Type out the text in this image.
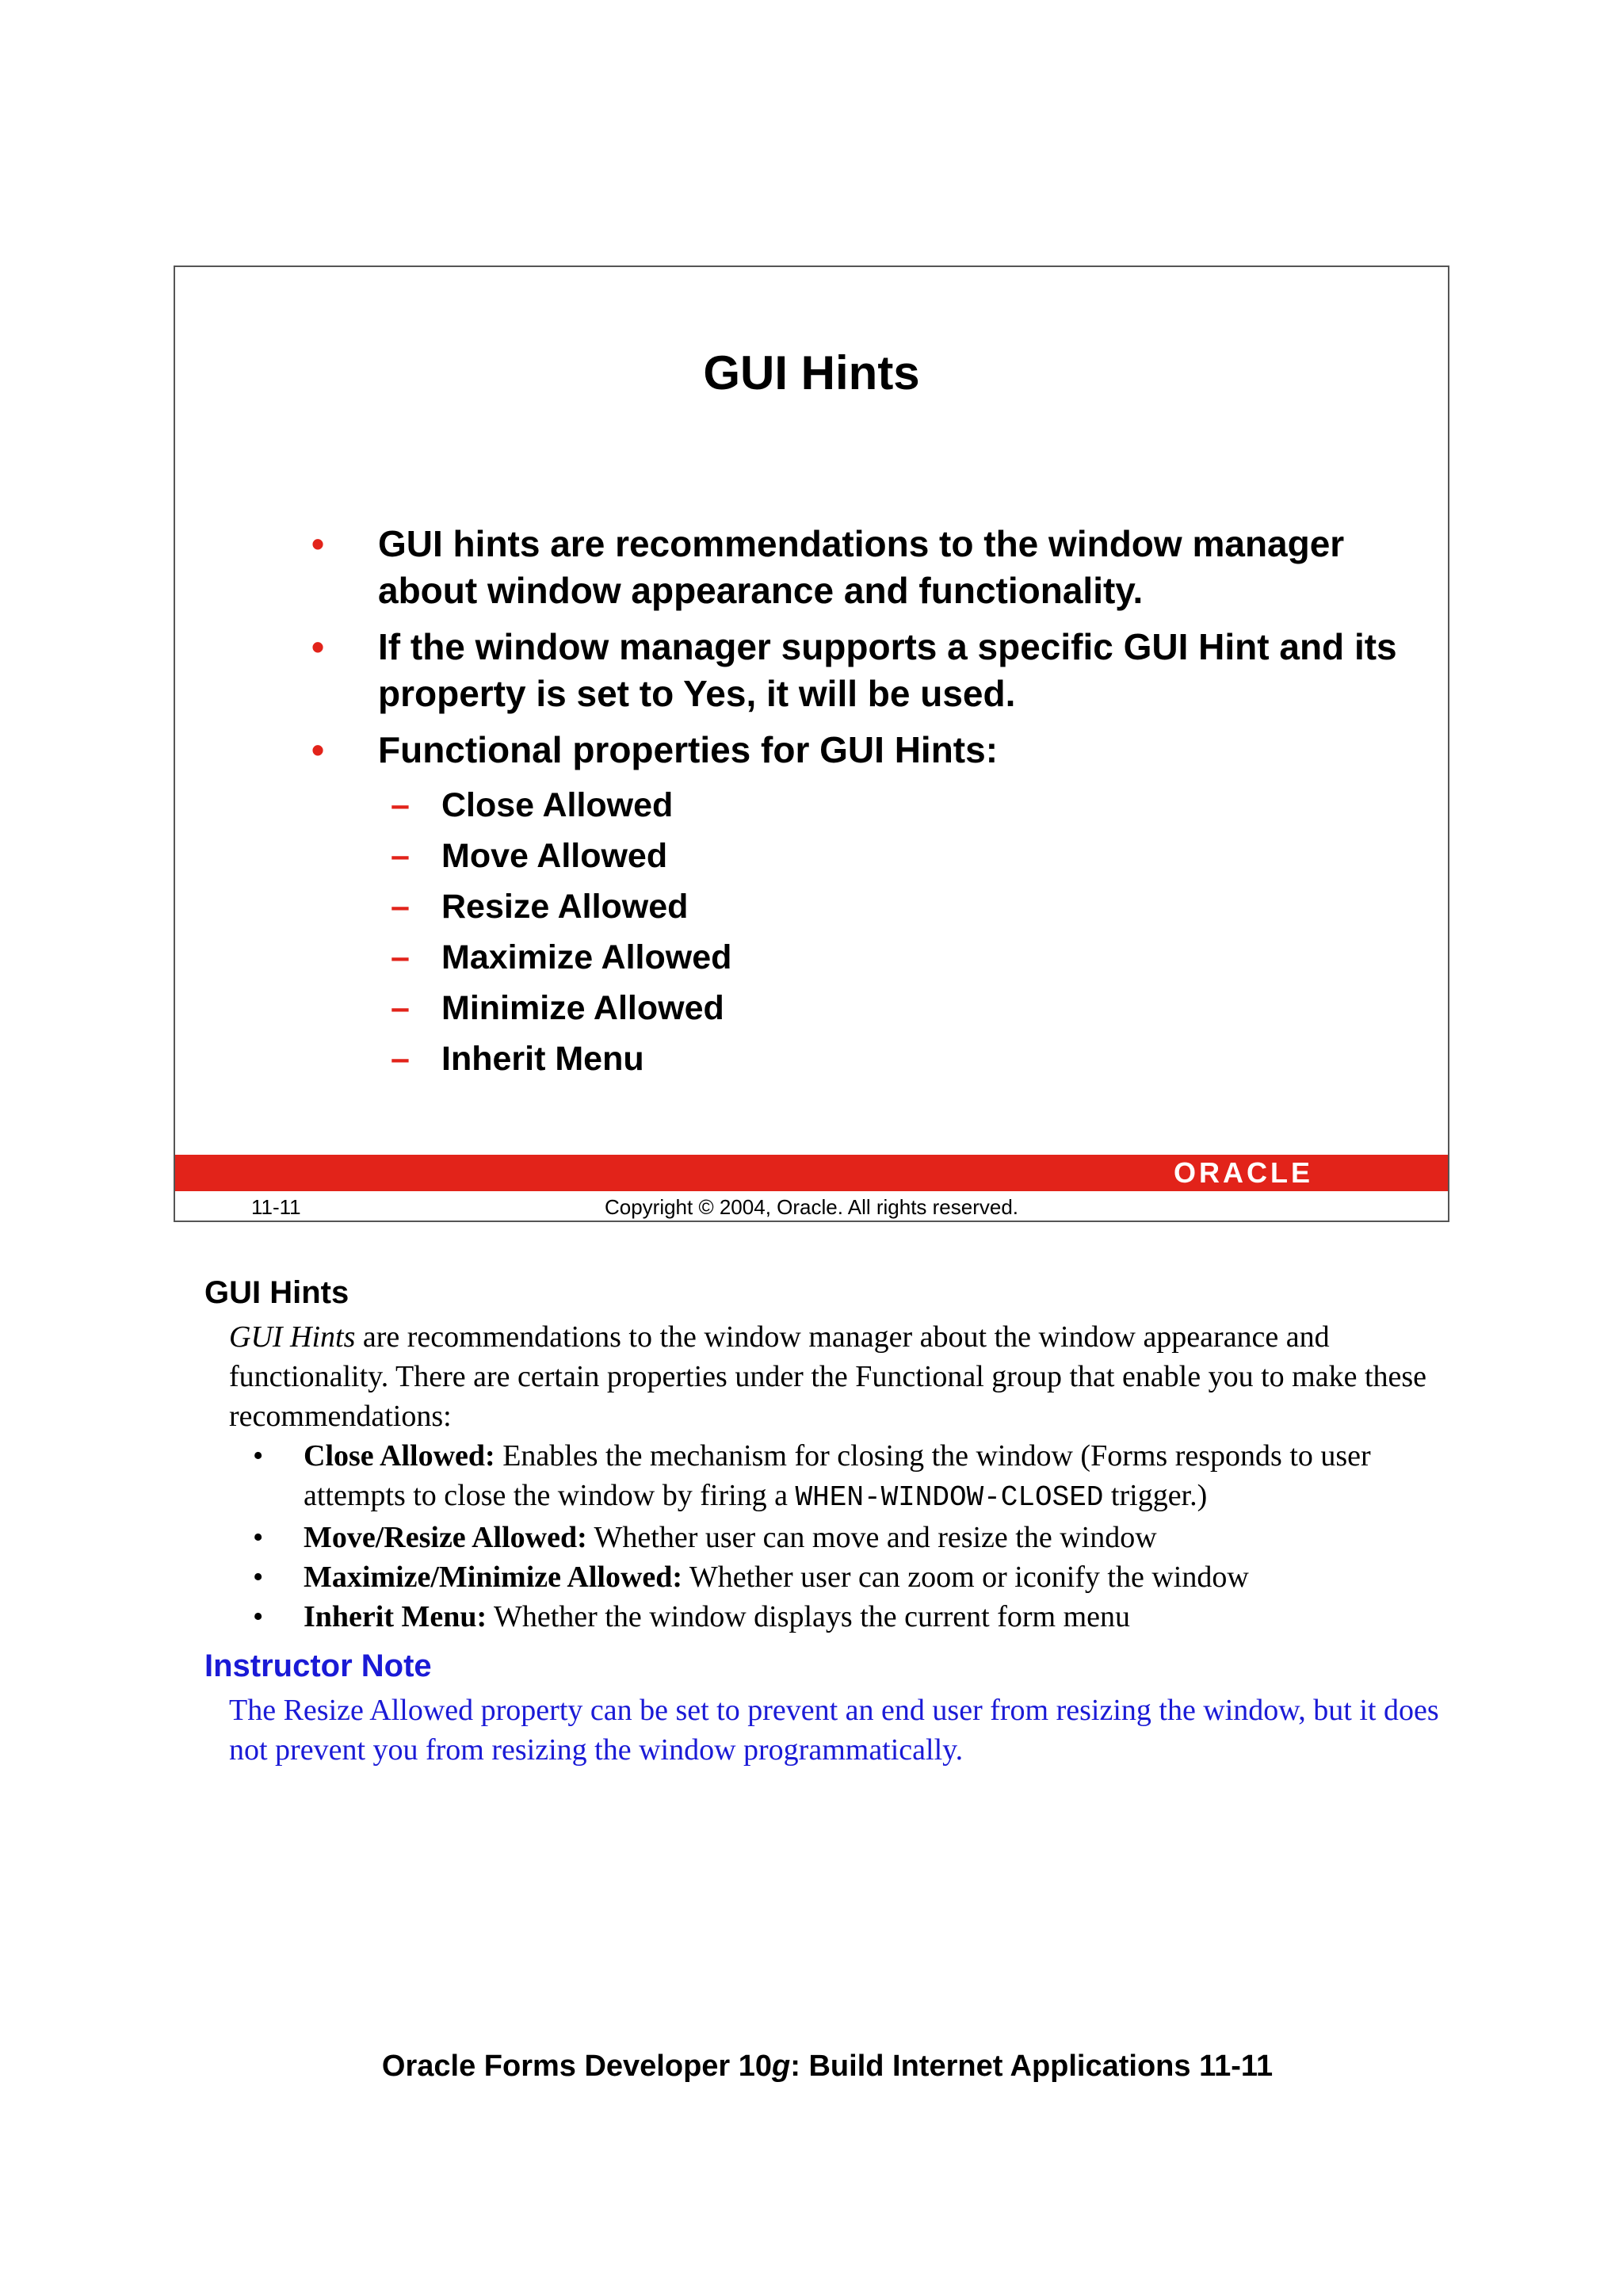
GUI Hints
• GUI hints are recommendations to the window manager about window appearance and functionality.
• If the window manager supports a specific GUI Hint and its property is set to Yes, it will be used.
• Functional properties for GUI Hints:
– Close Allowed
– Move Allowed
– Resize Allowed
– Maximize Allowed
– Minimize Allowed
– Inherit Menu
ORACLE
11-11	Copyright © 2004, Oracle. All rights reserved.
GUI Hints

GUI Hints are recommendations to the window manager about the window appearance and functionality. There are certain properties under the Functional group that enable you to make these recommendations:

• Close Allowed: Enables the mechanism for closing the window (Forms responds to user attempts to close the window by firing a WHEN-WINDOW-CLOSED trigger.)
• Move/Resize Allowed: Whether user can move and resize the window
• Maximize/Minimize Allowed: Whether user can zoom or iconify the window
• Inherit Menu: Whether the window displays the current form menu
Instructor Note

The Resize Allowed property can be set to prevent an end user from resizing the window, but it does not prevent you from resizing the window programmatically.

Oracle Forms Developer 10g: Build Internet Applications 11-11
